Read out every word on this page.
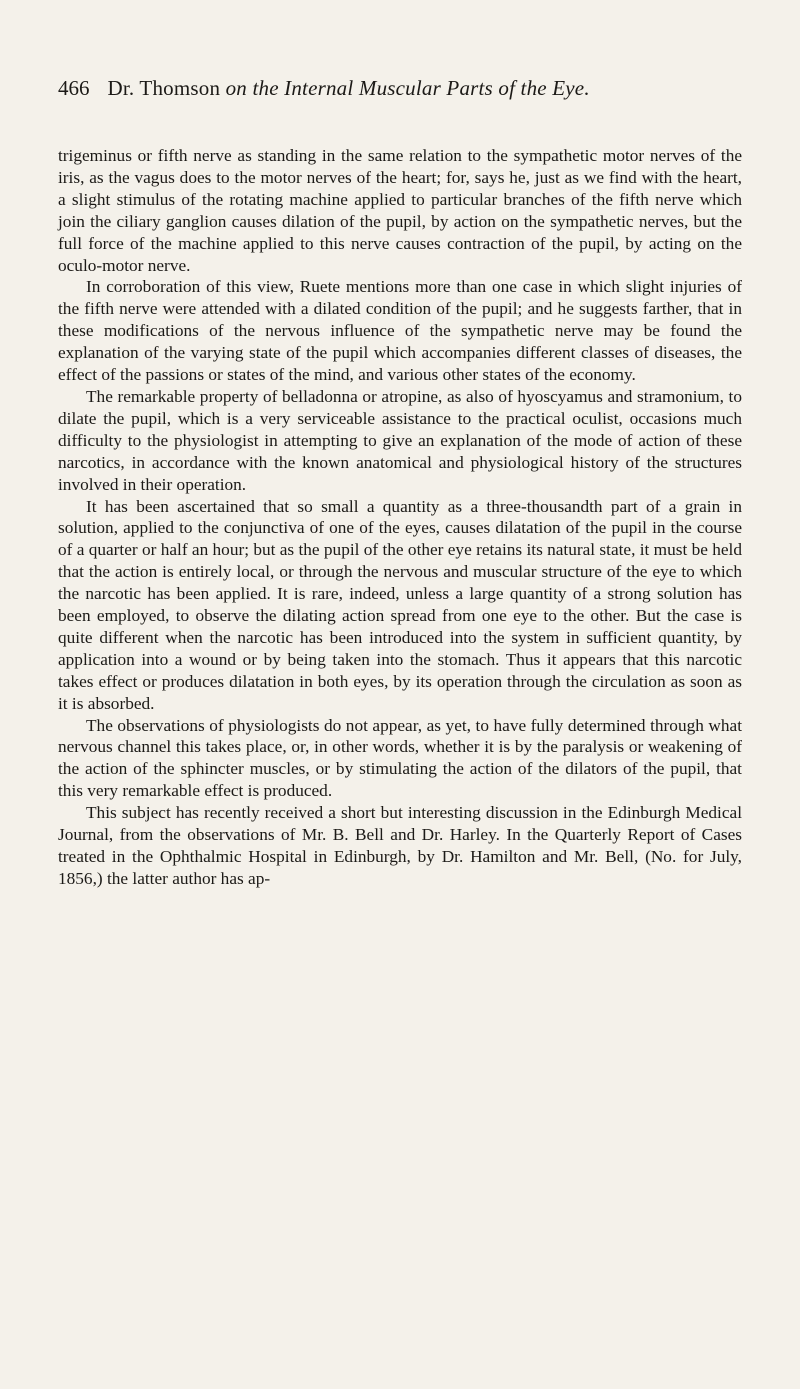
466 Dr. Thomson on the Internal Muscular Parts of the Eye.

trigeminus or fifth nerve as standing in the same relation to the sympathetic motor nerves of the iris, as the vagus does to the motor nerves of the heart; for, says he, just as we find with the heart, a slight stimulus of the rotating machine applied to particular branches of the fifth nerve which join the ciliary ganglion causes dilation of the pupil, by action on the sympathetic nerves, but the full force of the machine applied to this nerve causes contraction of the pupil, by acting on the oculo-motor nerve.

In corroboration of this view, Ruete mentions more than one case in which slight injuries of the fifth nerve were attended with a dilated condition of the pupil; and he suggests farther, that in these modifications of the nervous influence of the sympathetic nerve may be found the explanation of the varying state of the pupil which accompanies different classes of diseases, the effect of the passions or states of the mind, and various other states of the economy.

The remarkable property of belladonna or atropine, as also of hyoscyamus and stramonium, to dilate the pupil, which is a very serviceable assistance to the practical oculist, occasions much difficulty to the physiologist in attempting to give an explanation of the mode of action of these narcotics, in accordance with the known anatomical and physiological history of the structures involved in their operation.

It has been ascertained that so small a quantity as a three-thousandth part of a grain in solution, applied to the conjunctiva of one of the eyes, causes dilatation of the pupil in the course of a quarter or half an hour; but as the pupil of the other eye retains its natural state, it must be held that the action is entirely local, or through the nervous and muscular structure of the eye to which the narcotic has been applied. It is rare, indeed, unless a large quantity of a strong solution has been employed, to observe the dilating action spread from one eye to the other. But the case is quite different when the narcotic has been introduced into the system in sufficient quantity, by application into a wound or by being taken into the stomach. Thus it appears that this narcotic takes effect or produces dilatation in both eyes, by its operation through the circulation as soon as it is absorbed.

The observations of physiologists do not appear, as yet, to have fully determined through what nervous channel this takes place, or, in other words, whether it is by the paralysis or weakening of the action of the sphincter muscles, or by stimulating the action of the dilators of the pupil, that this very remarkable effect is produced.

This subject has recently received a short but interesting discussion in the Edinburgh Medical Journal, from the observations of Mr. B. Bell and Dr. Harley. In the Quarterly Report of Cases treated in the Ophthalmic Hospital in Edinburgh, by Dr. Hamilton and Mr. Bell, (No. for July, 1856,) the latter author has ap-
